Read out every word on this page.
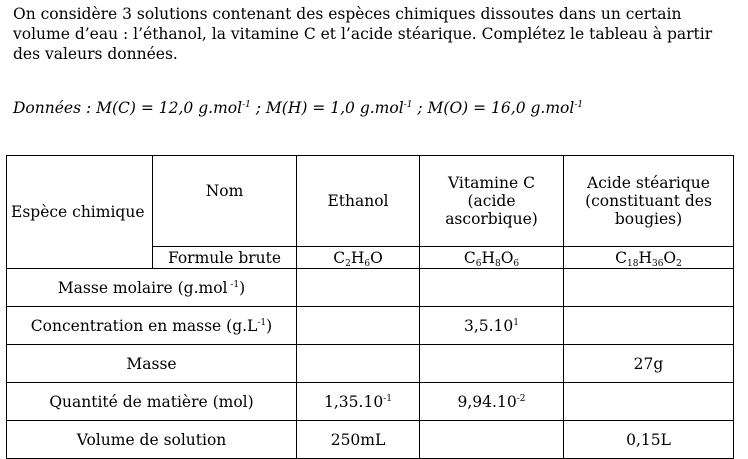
On considère 3 solutions contenant des espèces chimiques dissoutes dans un certain volume d’eau : l’éthanol, la vitamine C et l’acide stéarique. Complétez le tableau à partir des valeurs données.

Données : M(C) = 12,0 g.mol$^{-1}$ ; M(H) = 1,0 g.mol$^{-1}$ ; M(O) = 16,0 g.mol$^{-1}$
Espèce chimique	Nom	Ethanol	Vitamine C (acide ascorbique)	Acide stéarique (constituant des bougies)
	Formule brute	$C_2H_6O$	$C_6H_8O_6$	$C_{18}H_{36}O_2$
Masse molaire (g.mol $^{-1}$)				
Concentration en masse $(g.L^{-1})$			3,5.10$^1$	
Masse				27g
Quantité de matière (mol)		$1,35.10^{-1}$	$9,94.10^{-2}$	
Volume de solution		250mL		0,15L
